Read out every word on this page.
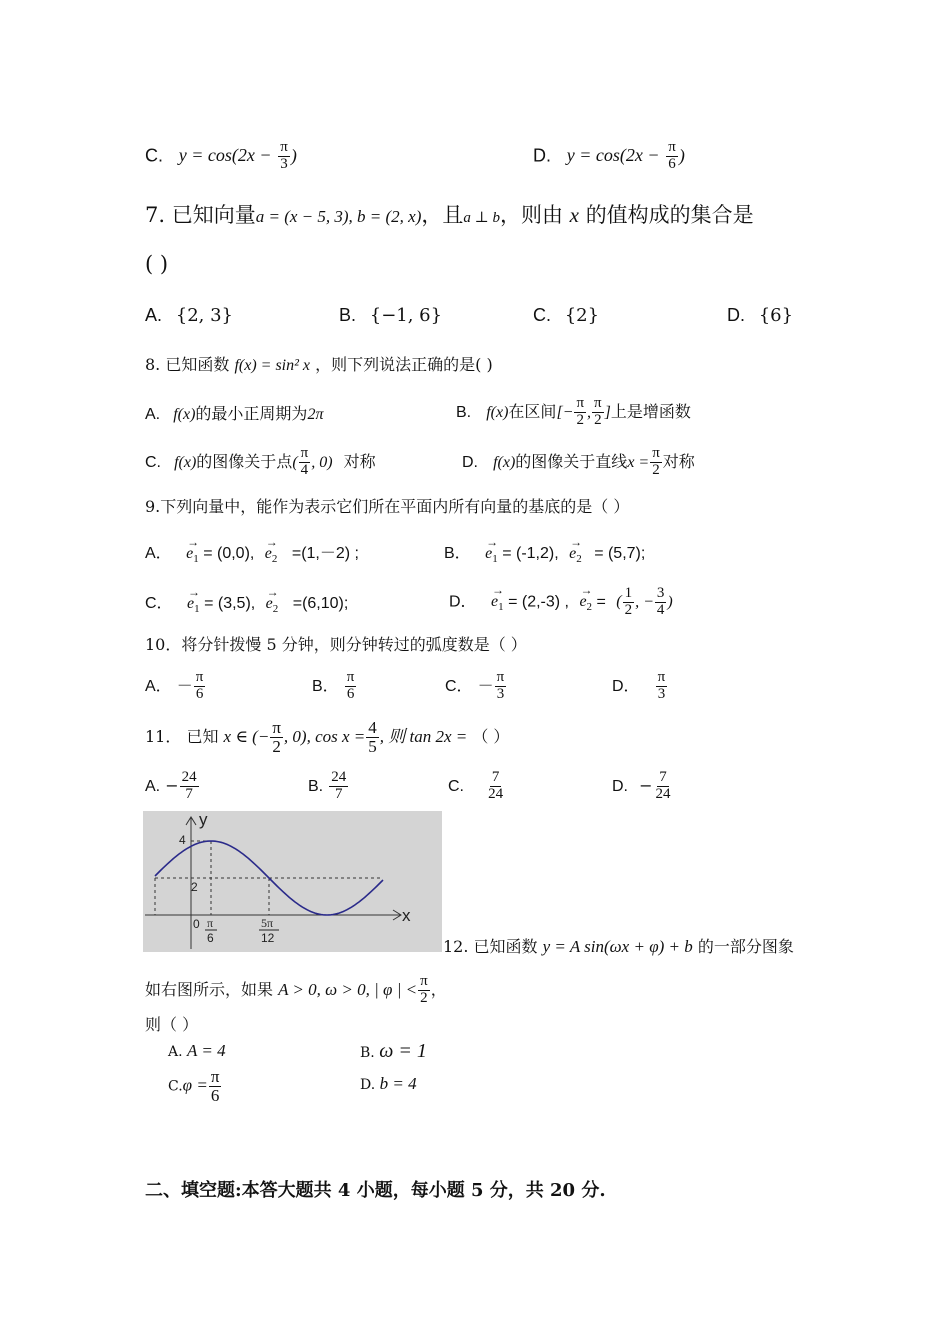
C. $y = \cos(2x - \frac{\pi}{3}$ )	D. $y = \cos(2x - \frac{\pi}{6}$ )
7. 已知向量a = (x − 5, 3), b = (2, x)，且a ⊥ b，则由 x 的值构成的集合是
( )
A. {2, 3}	B. {−1, 6}	C. {2}	D. {6}
8. 已知函数 f(x) = sin² x ，则下列说法正确的是( )
A. f(x)的最小正周期为2π	B. f(x)在区间[− $\frac{\pi}{2}$ , $\frac{\pi}{2}$ ]上是增函数
C. f(x)的图像关于点( $\frac{\pi}{4}$ , 0) 对称	D. f(x)的图像关于直线$x = \frac{\pi}{2}$ 对称
9.下列向量中，能作为表示它们所在平面内所有向量的基底的是（ ）
A． → $e_1 = (0,0)$, → $e_2 =(1,-2)$ ;	B． → $e_1 = (-1,2)$, → $e_2 = (5,7)$;
C． → $e_1 = (3,5)$, → $e_2 =(6,10)$;	D． → $e_1 = (2,-3)$ , → $e_2$ = ( $\frac{1}{2}$ , − $\frac{3}{4}$ )
10．将分针拨慢 5 分钟，则分钟转过的弧度数是（ ）
A． － $\frac{\pi}{6}$	B． $\frac{\pi}{6}$	C． － $\frac{\pi}{3}$	D． $\frac{\pi}{3}$
11． 已知 x ∈ (− $\frac{\pi}{2}$ , 0), $\cos x = \frac{4}{5}$ , 则 tan 2x = （ ）
A. − $\frac{24}{7}$	B. $\frac{24}{7}$	C. $\frac{7}{24}$	D. − $\frac{7}{24}$
y
x
4
2
0 π
6
5π
12	12. 已知函数 y = A sin(ωx + φ) + b 的一部分图象
如右图所示，如果 A > 0, ω > 0, | φ | < $\frac{\pi}{2}$ ，
则（ ）
A. A = 4	B. ω = 1
$C.\varphi = \frac{\pi}{6}$	D. b = 4
二、填空题:本答大题共 4 小题，每小题 5 分，共 20 分.
